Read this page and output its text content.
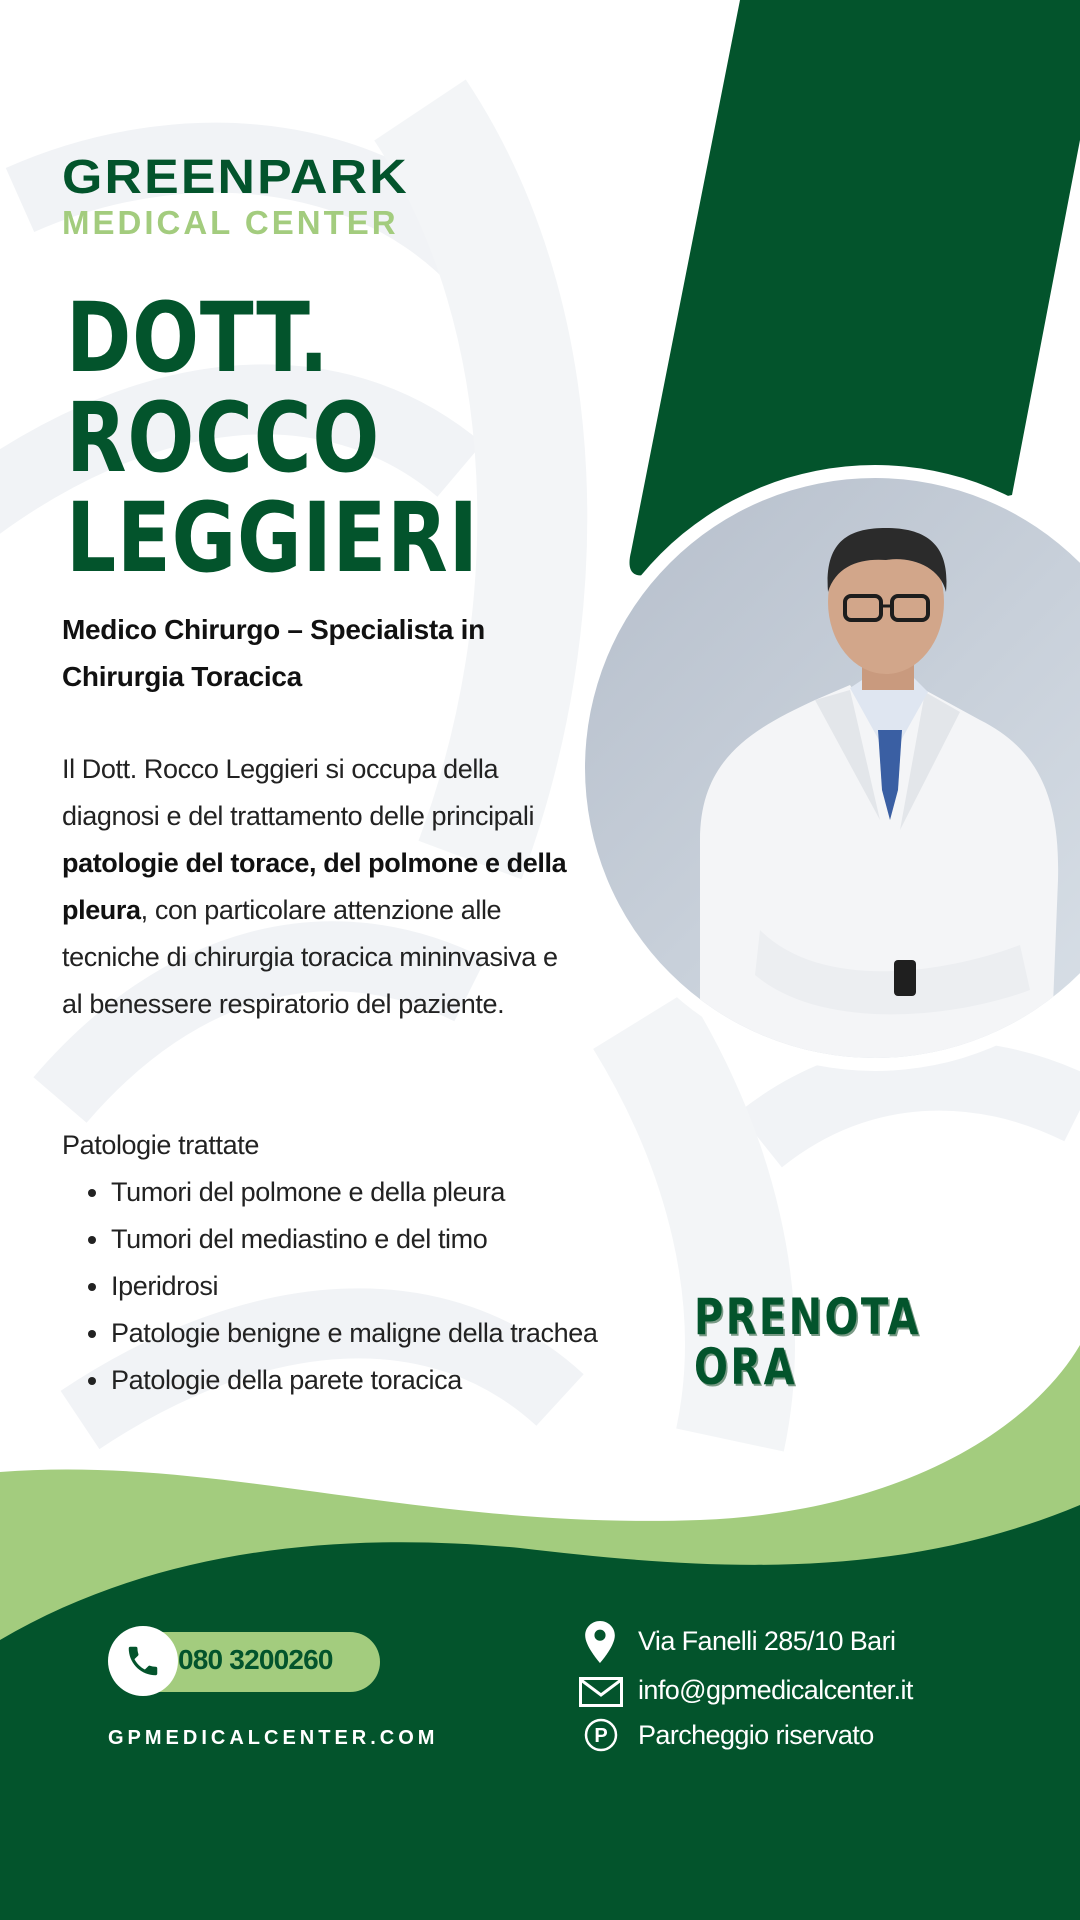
GREENPARK
MEDICAL CENTER
DOTT.
ROCCO
LEGGIERI
Medico Chirurgo – Specialista in Chirurgia Toracica
Il Dott. Rocco Leggieri si occupa della diagnosi e del trattamento delle principali patologie del torace, del polmone e della pleura, con particolare attenzione alle tecniche di chirurgia toracica mininvasiva e al benessere respiratorio del paziente.
Patologie trattate
• Tumori del polmone e della pleura
• Tumori del mediastino e del timo
• Iperidrosi
• Patologie benigne e maligne della trachea
• Patologie della parete toracica
PRENOTA ORA
080 3200260
GPMEDICALCENTER.COM
Via Fanelli 285/10 Bari
info@gpmedicalcenter.it
P Parcheggio riservato
